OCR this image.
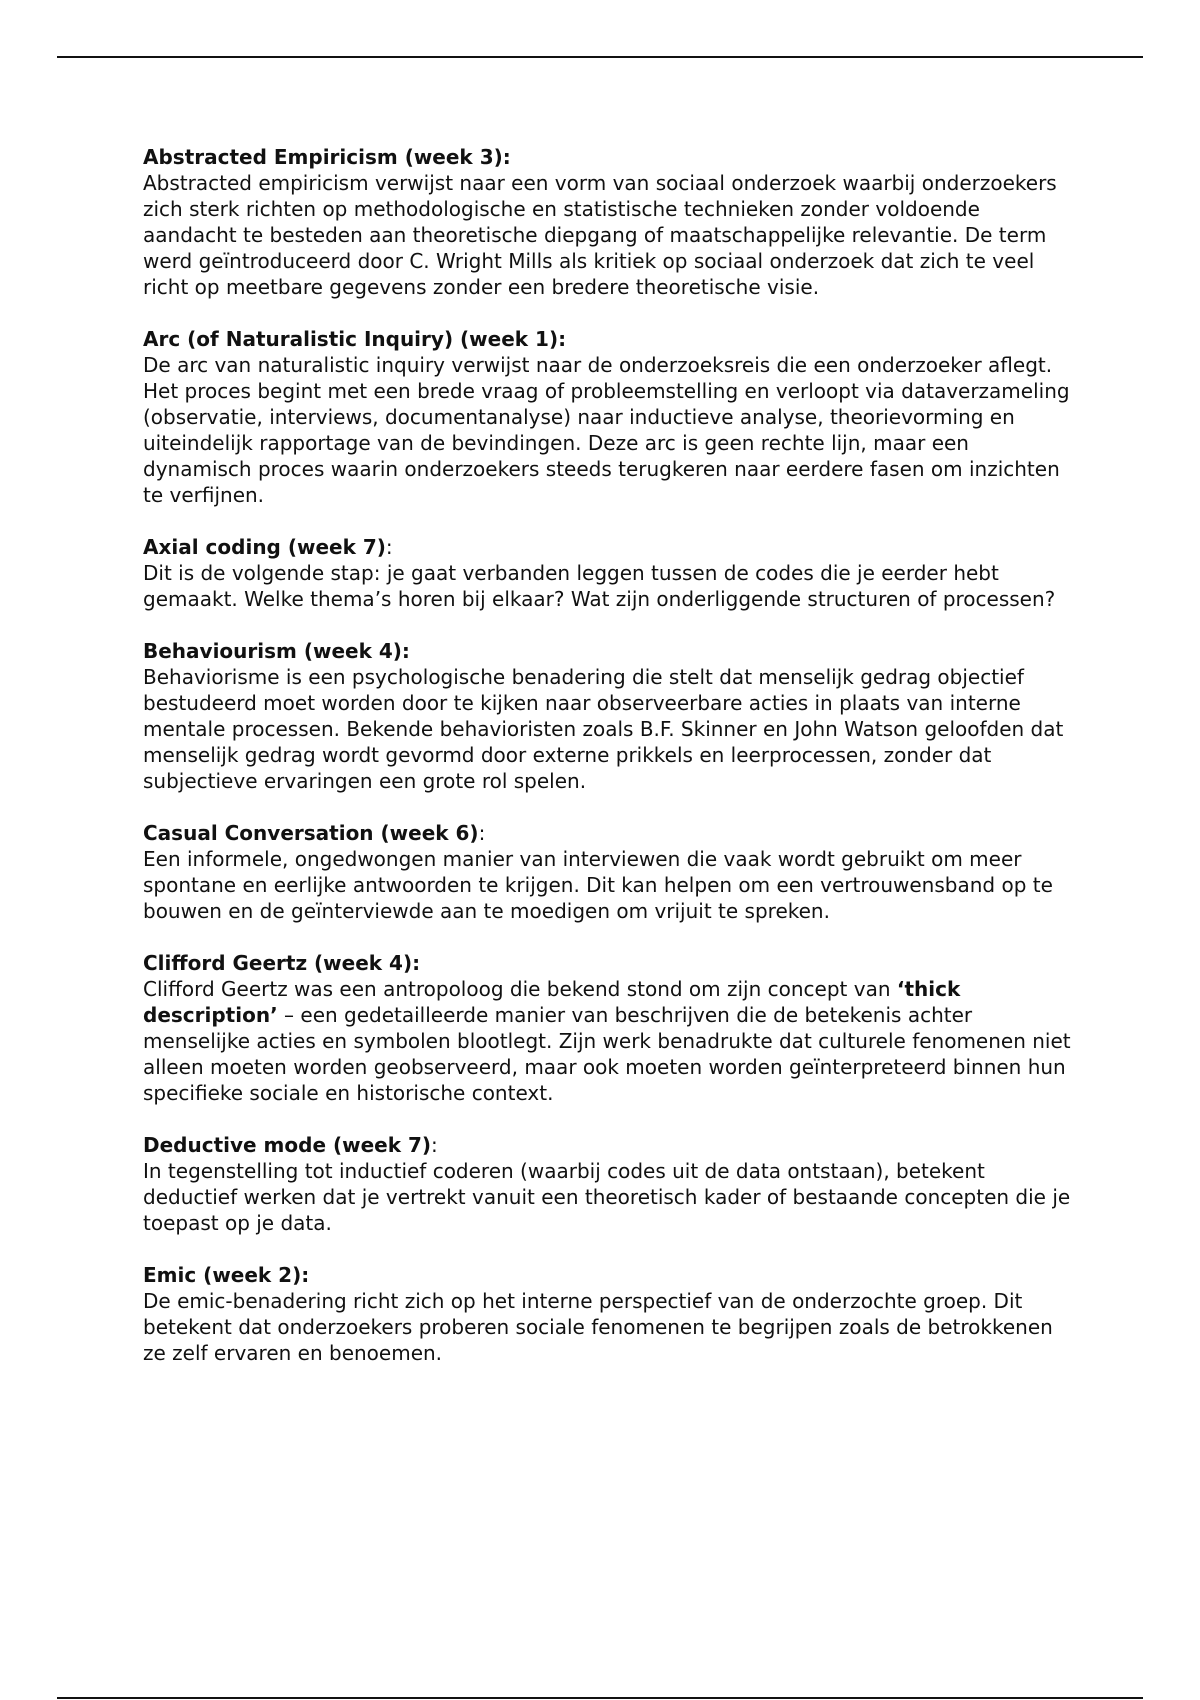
Abstracted Empiricism (week 3):

Abstracted empiricism verwijst naar een vorm van sociaal onderzoek waarbij onderzoekers zich sterk richten op methodologische en statistische technieken zonder voldoende aandacht te besteden aan theoretische diepgang of maatschappelijke relevantie. De term werd geïntroduceerd door C. Wright Mills als kritiek op sociaal onderzoek dat zich te veel richt op meetbare gegevens zonder een bredere theoretische visie.

Arc (of Naturalistic Inquiry) (week 1):

De arc van naturalistic inquiry verwijst naar de onderzoeksreis die een onderzoeker aflegt. Het proces begint met een brede vraag of probleemstelling en verloopt via dataverzameling (observatie, interviews, documentanalyse) naar inductieve analyse, theorievorming en uiteindelijk rapportage van de bevindingen. Deze arc is geen rechte lijn, maar een dynamisch proces waarin onderzoekers steeds terugkeren naar eerdere fasen om inzichten te verfijnen.

Axial coding (week 7):

Dit is de volgende stap: je gaat verbanden leggen tussen de codes die je eerder hebt gemaakt. Welke thema’s horen bij elkaar? Wat zijn onderliggende structuren of processen?

Behaviourism (week 4):

Behaviorisme is een psychologische benadering die stelt dat menselijk gedrag objectief bestudeerd moet worden door te kijken naar observeerbare acties in plaats van interne mentale processen. Bekende behavioristen zoals B.F. Skinner en John Watson geloofden dat menselijk gedrag wordt gevormd door externe prikkels en leerprocessen, zonder dat subjectieve ervaringen een grote rol spelen.

Casual Conversation (week 6):

Een informele, ongedwongen manier van interviewen die vaak wordt gebruikt om meer spontane en eerlijke antwoorden te krijgen. Dit kan helpen om een vertrouwensband op te bouwen en de geïnterviewde aan te moedigen om vrijuit te spreken.

Clifford Geertz (week 4):

Clifford Geertz was een antropoloog die bekend stond om zijn concept van ‘thick description’ – een gedetailleerde manier van beschrijven die de betekenis achter menselijke acties en symbolen blootlegt. Zijn werk benadrukte dat culturele fenomenen niet alleen moeten worden geobserveerd, maar ook moeten worden geïnterpreteerd binnen hun specifieke sociale en historische context.

Deductive mode (week 7):

In tegenstelling tot inductief coderen (waarbij codes uit de data ontstaan), betekent deductief werken dat je vertrekt vanuit een theoretisch kader of bestaande concepten die je toepast op je data.

Emic (week 2):

De emic-benadering richt zich op het interne perspectief van de onderzochte groep. Dit betekent dat onderzoekers proberen sociale fenomenen te begrijpen zoals de betrokkenen ze zelf ervaren en benoemen.
